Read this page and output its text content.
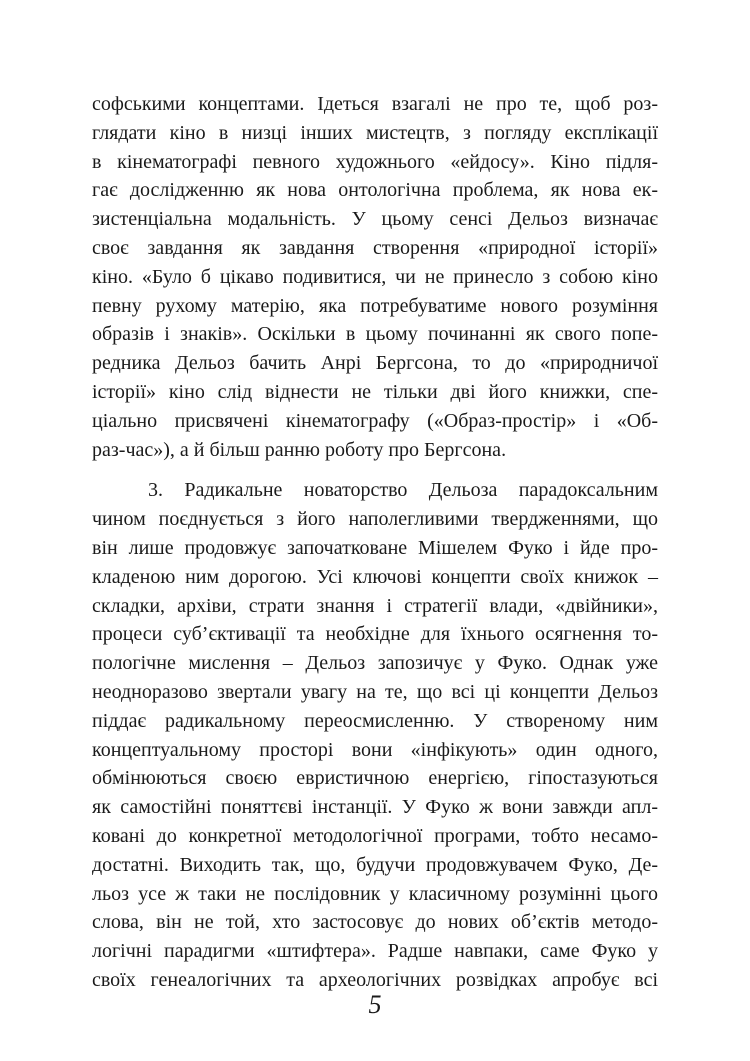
софськими концептами. Ідеться взагалі не про те, щоб роз-
глядати кіно в низці інших мистецтв, з погляду експлікації
в кінематографі певного художнього «ейдосу». Кіно підля-
гає дослідженню як нова онтологічна проблема, як нова ек-
зистенціальна модальність. У цьому сенсі Дельоз визначає
своє завдання як завдання створення «природної історії»
кіно. «Було б цікаво подивитися, чи не принесло з собою кіно
певну рухому матерію, яка потребуватиме нового розуміння
образів і знаків». Оскільки в цьому починанні як свого попе-
редника Дельоз бачить Анрі Бергсона, то до «природничої
історії» кіно слід віднести не тільки дві його книжки, спе-
ціально присвячені кінематографу («Образ-простір» і «Об-
раз-час»), а й більш ранню роботу про Бергсона.
3. Радикальне новаторство Дельоза парадоксальним
чином поєднується з його наполегливими твердженнями, що
він лише продовжує започатковане Мішелем Фуко і йде про-
кладеною ним дорогою. Усі ключові концепти своїх книжок –
складки, архіви, страти знання і стратегії влади, «двійники»,
процеси суб’єктивації та необхідне для їхнього осягнення то-
пологічне мислення – Дельоз запозичує у Фуко. Однак уже
неодноразово звертали увагу на те, що всі ці концепти Дельоз
піддає радикальному переосмисленню. У створеному ним
концептуальному просторі вони «інфікують» один одного,
обмінюються своєю евристичною енергією, гіпостазуються
як самостійні поняттєві інстанції. У Фуко ж вони завжди апл-
ковані до конкретної методологічної програми, тобто несамо-
достатні. Виходить так, що, будучи продовжувачем Фуко, Де-
льоз усе ж таки не послідовник у класичному розумінні цього
слова, він не той, хто застосовує до нових об’єктів методо-
логічні парадигми «штифтера». Радше навпаки, саме Фуко у
своїх генеалогічних та археологічних розвідках апробує всі
5
